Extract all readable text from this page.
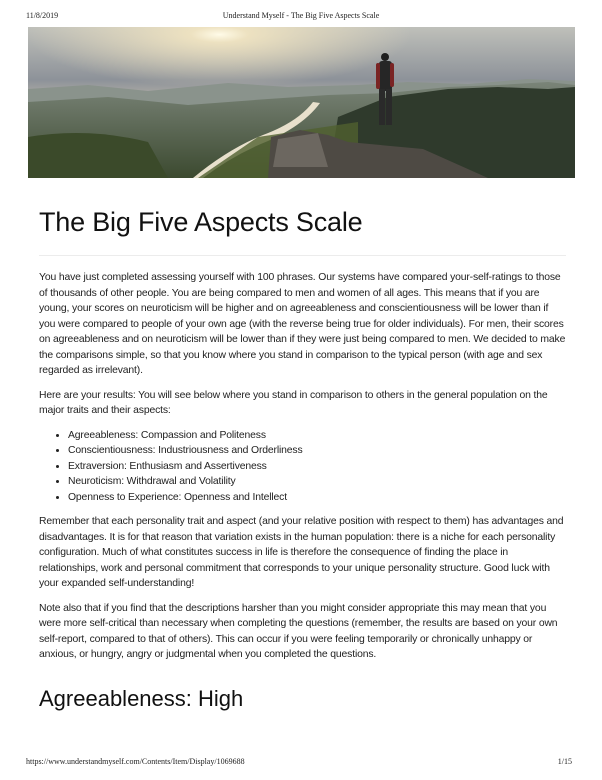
11/8/2019	Understand Myself - The Big Five Aspects Scale
The Big Five Aspects Scale

You have just completed assessing yourself with 100 phrases. Our systems have compared your-self-ratings to those of thousands of other people. You are being compared to men and women of all ages. This means that if you are young, your scores on neuroticism will be higher and on agreeableness and conscientiousness will be lower than if you were compared to people of your own age (with the reverse being true for older individuals). For men, their scores on agreeableness and on neuroticism will be lower than if they were just being compared to men. We decided to make the comparisons simple, so that you know where you stand in comparison to the typical person (with age and sex regarded as irrelevant).

Here are your results: You will see below where you stand in comparison to others in the general population on the major traits and their aspects:

• Agreeableness: Compassion and Politeness
• Conscientiousness: Industriousness and Orderliness
• Extraversion: Enthusiasm and Assertiveness
• Neuroticism: Withdrawal and Volatility
• Openness to Experience: Openness and Intellect

Remember that each personality trait and aspect (and your relative position with respect to them) has advantages and disadvantages. It is for that reason that variation exists in the human population: there is a niche for each personality configuration. Much of what constitutes success in life is therefore the consequence of finding the place in relationships, work and personal commitment that corresponds to your unique personality structure. Good luck with your expanded self-understanding!

Note also that if you find that the descriptions harsher than you might consider appropriate this may mean that you were more self-critical than necessary when completing the questions (remember, the results are based on your own self-report, compared to that of others). This can occur if you were feeling temporarily or chronically unhappy or anxious, or hungry, angry or judgmental when you completed the questions.

Agreeableness: High
https://www.understandmyself.com/Contents/Item/Display/1069688	1/15
